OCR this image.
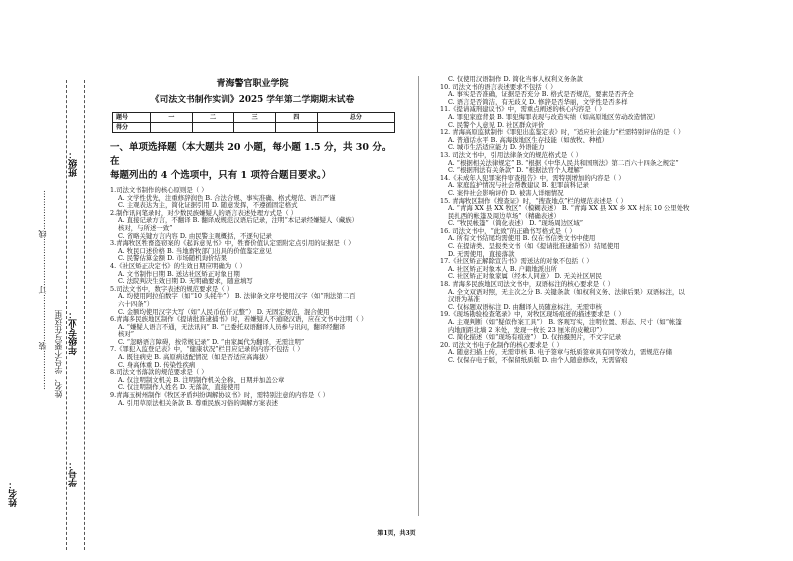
班级：
年级专业：
姓名、学号不要写在这里
……………装………………订………………线……………
学号：
姓名：
青海警官职业学院
《司法文书制作实训》2025 学年第二学期期末试卷
题号	一	二	三	四	总分
得分					
一、单项选择题（本大题共 20 小题，每小题 1.5 分，共 30 分。在
每题列出的 4 个选项中，只有 1 项符合题目要求。）
1.司法文书制作的核心原则是（ ）
A. 文学性优先，注重修辞润色 B. 合法合规、事实准确、格式规范、语言严谨
C. 主观表达为主，简化证据引用 D. 随意发挥，不遵循固定格式
2.制作讯问笔录时，对少数民族嫌疑人的语言表述处理方式是（ ）
A. 直接记录方言，不翻译 B. 翻译成规范汉语后记录，注明“本记录经嫌疑人（藏族）
核对，与所述一致”
C. 省略关键方言内容 D. 由民警主观概括，不逐句记录
3.青海牧区牲畜盗窃案的《起诉意见书》中，牲畜价值认定需附定点引用的证据是（ ）
A. 牧民口述价格 B. 当地畜牧部门出具的价值鉴定意见
C. 民警估算金额 D. 市场随机询价结果
4.《社区矫正决定书》的生效日期应明确为（ ）
A. 文书制作日期 B. 送达社区矫正对象日期
C. 法院判决生效日期 D. 无明确要求，随意填写
5.司法文书中，数字表述的规范要求是（ ）
A. 均使用阿拉伯数字（如“10 头牦牛”） B. 法律条文序号使用汉字（如“刑法第二百
六十四条”）
C. 金额均使用汉字大写（如“人民币伍仟元整”） D. 无固定规范，混合使用
6.青海多民族地区制作《提请批准逮捕书》时，若嫌疑人不通晓汉语，应在文书中注明（ ）
A. “嫌疑人语言不通，无法讯问” B. “已委托双语翻译人员参与讯问，翻译经翻译
核对”
C. “忽略语言障碍，按常规记录” D. “由家属代为翻译，无需注明”
7.《罪犯入监登记表》中，“健康状况”栏目应记录的内容不包括（ ）
A. 既往病史 B. 高原病适配情况（如是否适应高海拔）
C. 身高体重 D. 传染性疾病
8.司法文书落款的规范要求是（ ）
A. 仅注明制文机关 B. 注明制作机关全称、日期并加盖公章
C. 仅注明制作人姓名 D. 无落款，直接使用
9.青海玉树州制作《牧区矛盾纠纷调解协议书》时，需特别注意的内容是（ ）
A. 引用草原法相关条款 B. 尊重民族习俗的调解方案表述
C. 仅使用汉语制作 D. 简化当事人权利义务条款
10. 司法文书的语言表述要求不包括（ ）
A. 事实是否准确，证据是否充分 B. 格式是否规范，要素是否齐全
C. 语言是否简洁，有无歧义 D. 修辞是否华丽，文学性是否多样
11.《提请减刑建议书》中，需重点阐述的核心内容是（ ）
A. 罪犯家庭背景 B. 罪犯悔罪表现与改造实绩（如高原地区劳动改造情况）
C. 民警个人意见 D. 社区群众评价
12. 青海高原监狱制作《罪犯出监鉴定表》时，“适应社会能力”栏需特别评估的是（ ）
A. 普通话水平 B. 高海拔地区生存技能（如放牧、种植）
C. 城市生活适应能力 D. 外语能力
13. 司法文书中，引用法律条文的规范格式是（ ）
A. “根据相关法律规定” B. “根据《中华人民共和国刑法》第二百六十四条之规定”
C. “根据刑法有关条款” D. “根据法官个人理解”
14.《未成年人犯罪案件审查报告》中，需特别增加的内容是（ ）
A. 家庭监护情况与社会帮教建议 B. 犯罪前科记录
C. 案件社会影响评价 D. 被害人详细情况
15. 青海牧区制作《搜查证》时，“搜查地点”栏的规范表述是（ ）
A. “青海 XX 县 XX 牧区”（模糊表述） B. “青海 XX 县 XX 乡 XX 村东 10 公里处牧
民扎西的帐篷及周边草场”（精确表述）
C. “牧民帐篷”（简化表述） D. “现场周边区域”
16. 司法文书中，“此致”的正确书写格式是（ ）
A. 所有文书结尾均需使用 B. 仅在书信类文书中使用
C. 在提请类、呈报类文书（如《提请批准逮捕书》）结尾使用
D. 无需使用，直接落款
17.《社区矫正解除宣告书》需送达的对象不包括（ ）
A. 社区矫正对象本人 B. 户籍地派出所
C. 社区矫正对象家属（经本人同意） D. 无关社区居民
18. 青海多民族地区司法文书中，双语标注的核心要求是（ ）
A. 全文双语对照，无主次之分 B. 关键条款（如权利义务、法律后果）双语标注，以
汉语为基准
C. 仅标题双语标注 D. 由翻译人员随意标注，无需审核
19.《现场勘验检查笔录》中，对牧区现场痕迹的描述要求是（ ）
A. 主观判断（如“疑似作案工具”） B. 客观写实，注明位置、形态、尺寸（如“帐篷
内地面距北墙 2 米处，发现一枚长 23 厘米的皮靴印”）
C. 简化描述（如“现场有痕迹”） D. 仅拍摄照片，不文字记录
20. 司法文书电子化制作的核心要求是（ ）
A. 随意扫描上传，无需审核 B. 电子签章与纸质签章具有同等效力，需规范存储
C. 仅保存电子版，不保留纸质版 D. 由个人随意修改，无需留痕
第1页，共3页
